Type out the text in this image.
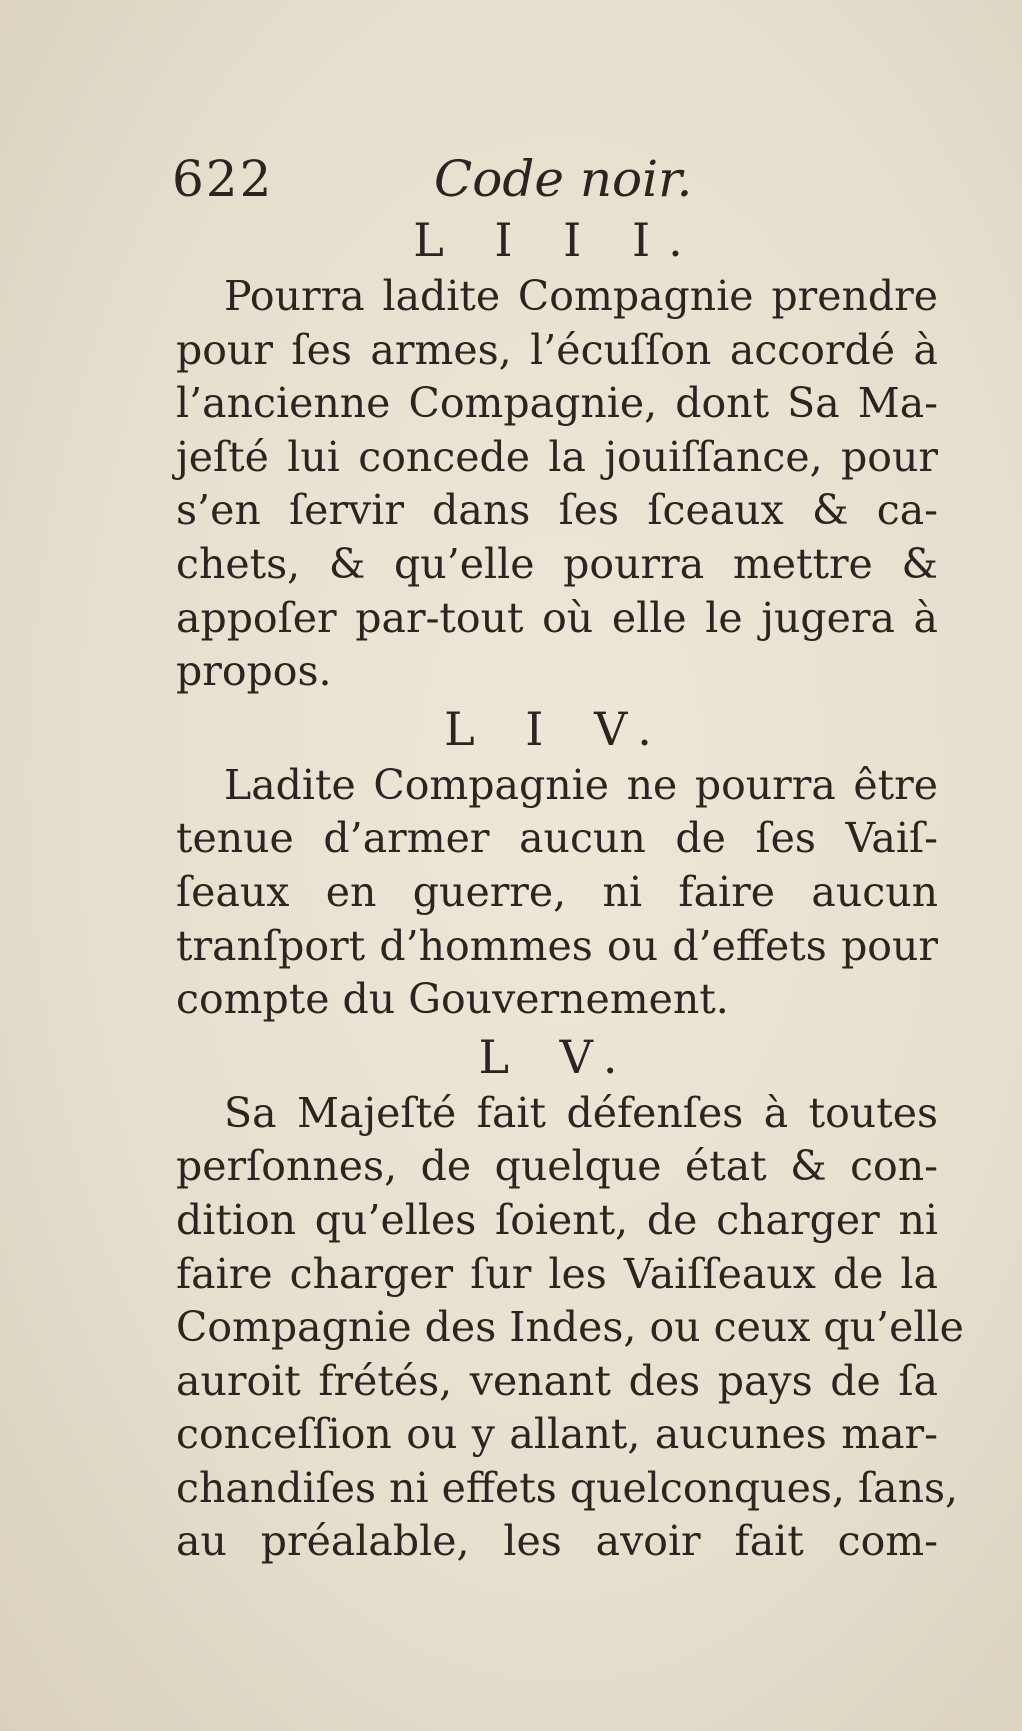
622	Code noir.
L I I I.
Pourra ladite Compagnie prendre
pour ſes armes, l’écuſſon accordé à
l’ancienne Compagnie, dont Sa Ma-
jeſté lui concede la jouiſſance, pour
s’en ſervir dans ſes ſceaux & ca-
chets, & qu’elle pourra mettre &
appoſer par-tout où elle le jugera à
propos.
L I V.
Ladite Compagnie ne pourra être
tenue d’armer aucun de ſes Vaiſ-
ſeaux en guerre, ni faire aucun
tranſport d’hommes ou d’effets pour
compte du Gouvernement.
L V.
Sa Majeſté fait défenſes à toutes
perſonnes, de quelque état & con-
dition qu’elles ſoient, de charger ni
faire charger ſur les Vaiſſeaux de la
Compagnie des Indes, ou ceux qu’elle
auroit frétés, venant des pays de ſa
conceſſion ou y allant, aucunes mar-
chandiſes ni effets quelconques, ſans,
au préalable, les avoir fait com-
